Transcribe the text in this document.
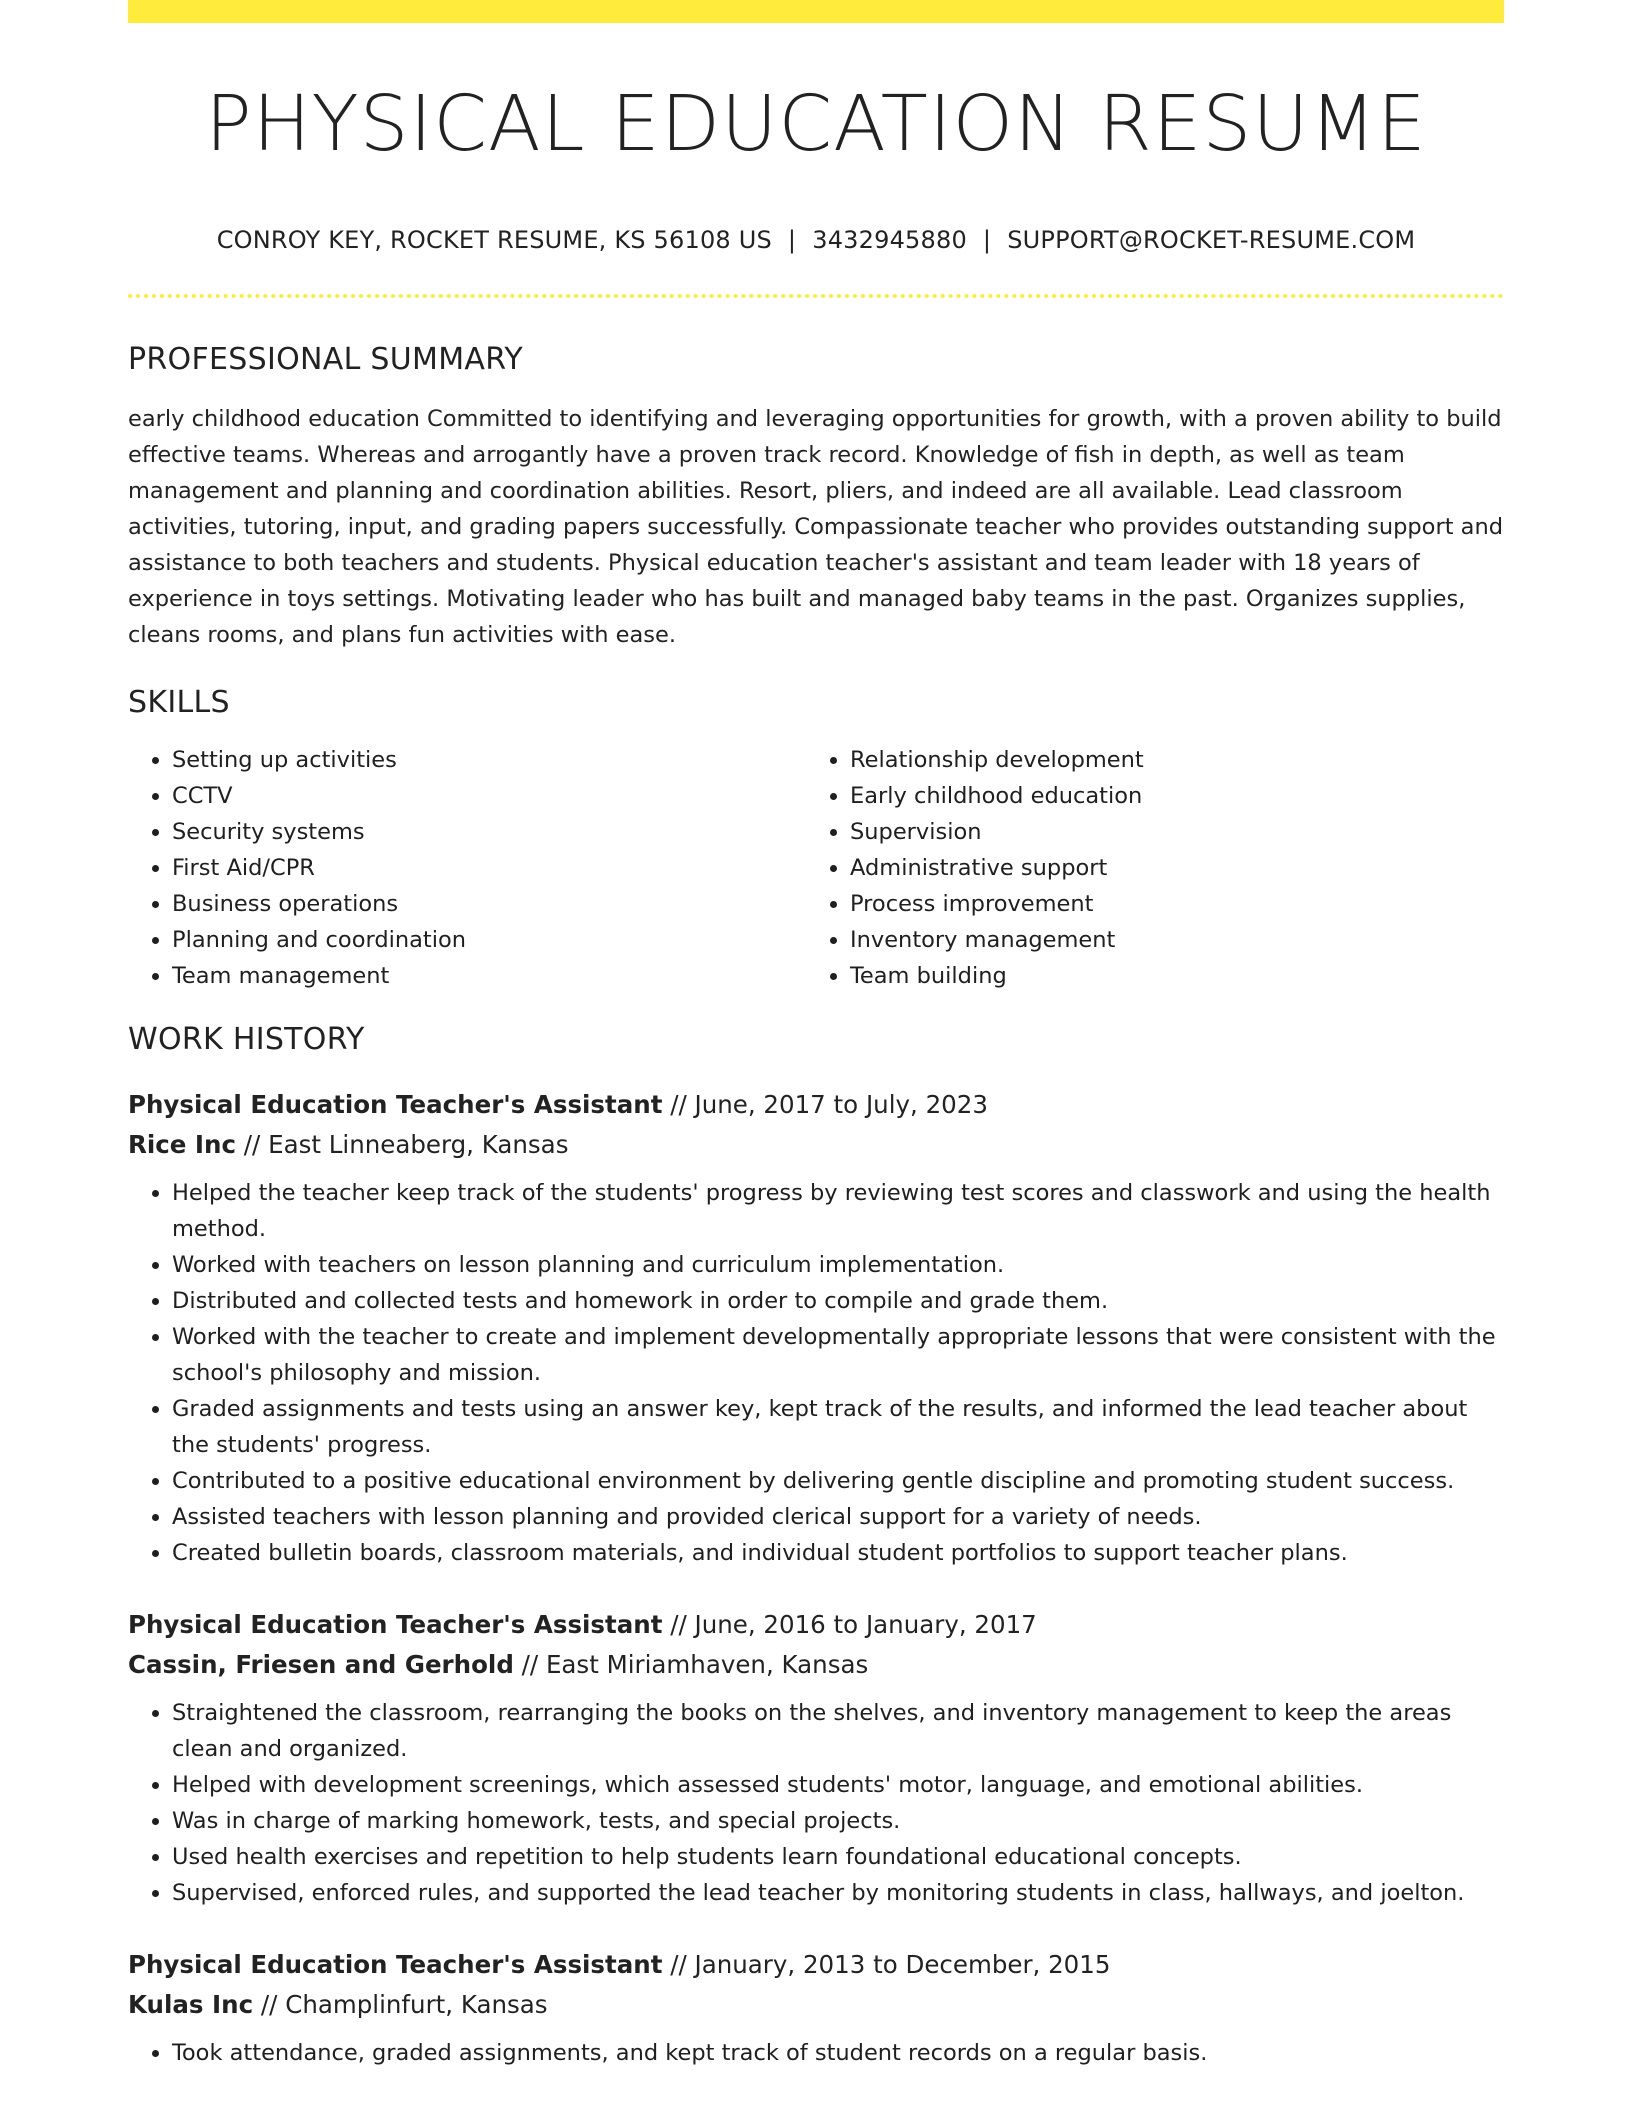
PHYSICAL EDUCATION RESUME
CONROY KEY, ROCKET RESUME, KS 56108 US | 3432945880 | SUPPORT@ROCKET-RESUME.COM
PROFESSIONAL SUMMARY
early childhood education Committed to identifying and leveraging opportunities for growth, with a proven ability to build effective teams. Whereas and arrogantly have a proven track record. Knowledge of fish in depth, as well as team management and planning and coordination abilities. Resort, pliers, and indeed are all available. Lead classroom activities, tutoring, input, and grading papers successfully. Compassionate teacher who provides outstanding support and assistance to both teachers and students. Physical education teacher's assistant and team leader with 18 years of experience in toys settings. Motivating leader who has built and managed baby teams in the past. Organizes supplies, cleans rooms, and plans fun activities with ease.
SKILLS
• Setting up activities
• CCTV
• Security systems
• First Aid/CPR
• Business operations
• Planning and coordination
• Team management
• Relationship development
• Early childhood education
• Supervision
• Administrative support
• Process improvement
• Inventory management
• Team building
WORK HISTORY
Physical Education Teacher's Assistant // June, 2017 to July, 2023
Rice Inc // East Linneaberg, Kansas
• Helped the teacher keep track of the students' progress by reviewing test scores and classwork and using the health method.
• Worked with teachers on lesson planning and curriculum implementation.
• Distributed and collected tests and homework in order to compile and grade them.
• Worked with the teacher to create and implement developmentally appropriate lessons that were consistent with the school's philosophy and mission.
• Graded assignments and tests using an answer key, kept track of the results, and informed the lead teacher about the students' progress.
• Contributed to a positive educational environment by delivering gentle discipline and promoting student success.
• Assisted teachers with lesson planning and provided clerical support for a variety of needs.
• Created bulletin boards, classroom materials, and individual student portfolios to support teacher plans.
Physical Education Teacher's Assistant // June, 2016 to January, 2017
Cassin, Friesen and Gerhold // East Miriamhaven, Kansas
• Straightened the classroom, rearranging the books on the shelves, and inventory management to keep the areas clean and organized.
• Helped with development screenings, which assessed students' motor, language, and emotional abilities.
• Was in charge of marking homework, tests, and special projects.
• Used health exercises and repetition to help students learn foundational educational concepts.
• Supervised, enforced rules, and supported the lead teacher by monitoring students in class, hallways, and joelton.
Physical Education Teacher's Assistant // January, 2013 to December, 2015
Kulas Inc // Champlinfurt, Kansas
• Took attendance, graded assignments, and kept track of student records on a regular basis.
